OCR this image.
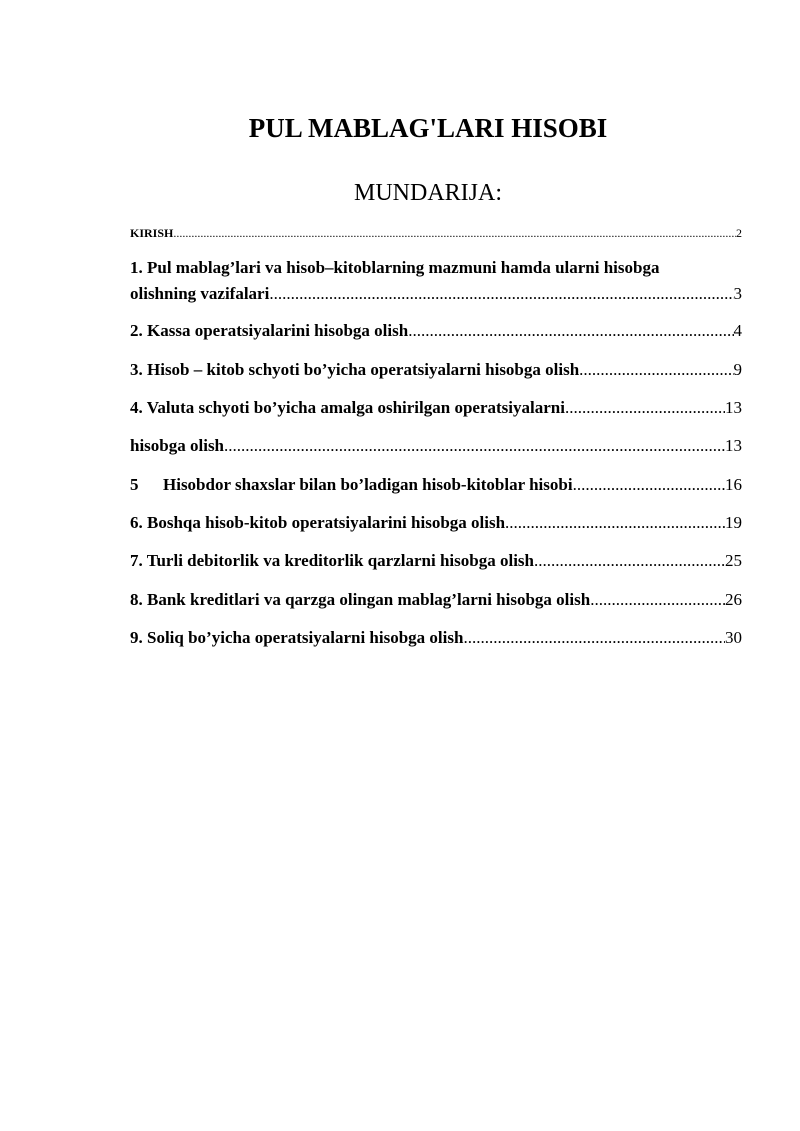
PUL MABLAG'LARI HISOBI
MUNDARIJA:
KIRISH .....	2
1. Pul mablag’lari va hisob–kitoblarning mazmuni hamda ularni hisobga
olishning vazifalari .....	3
2. Kassa operatsiyalarini hisobga olish .....	4
3. Hisob – kitob schyoti bo’yicha operatsiyalarni hisobga olish .....	9
4. Valuta schyoti bo’yicha amalga oshirilgan operatsiyalarni .....	13
hisobga olish .....	13
5 Hisobdor shaxslar bilan bo’ladigan hisob-kitoblar hisobi .....	16
6. Boshqa hisob-kitob operatsiyalarini hisobga olish .....	19
7. Turli debitorlik va kreditorlik qarzlarni hisobga olish .....	25
8. Bank kreditlari va qarzga olingan mablag’larni hisobga olish .....	26
9. Soliq bo’yicha operatsiyalarni hisobga olish .....	30
